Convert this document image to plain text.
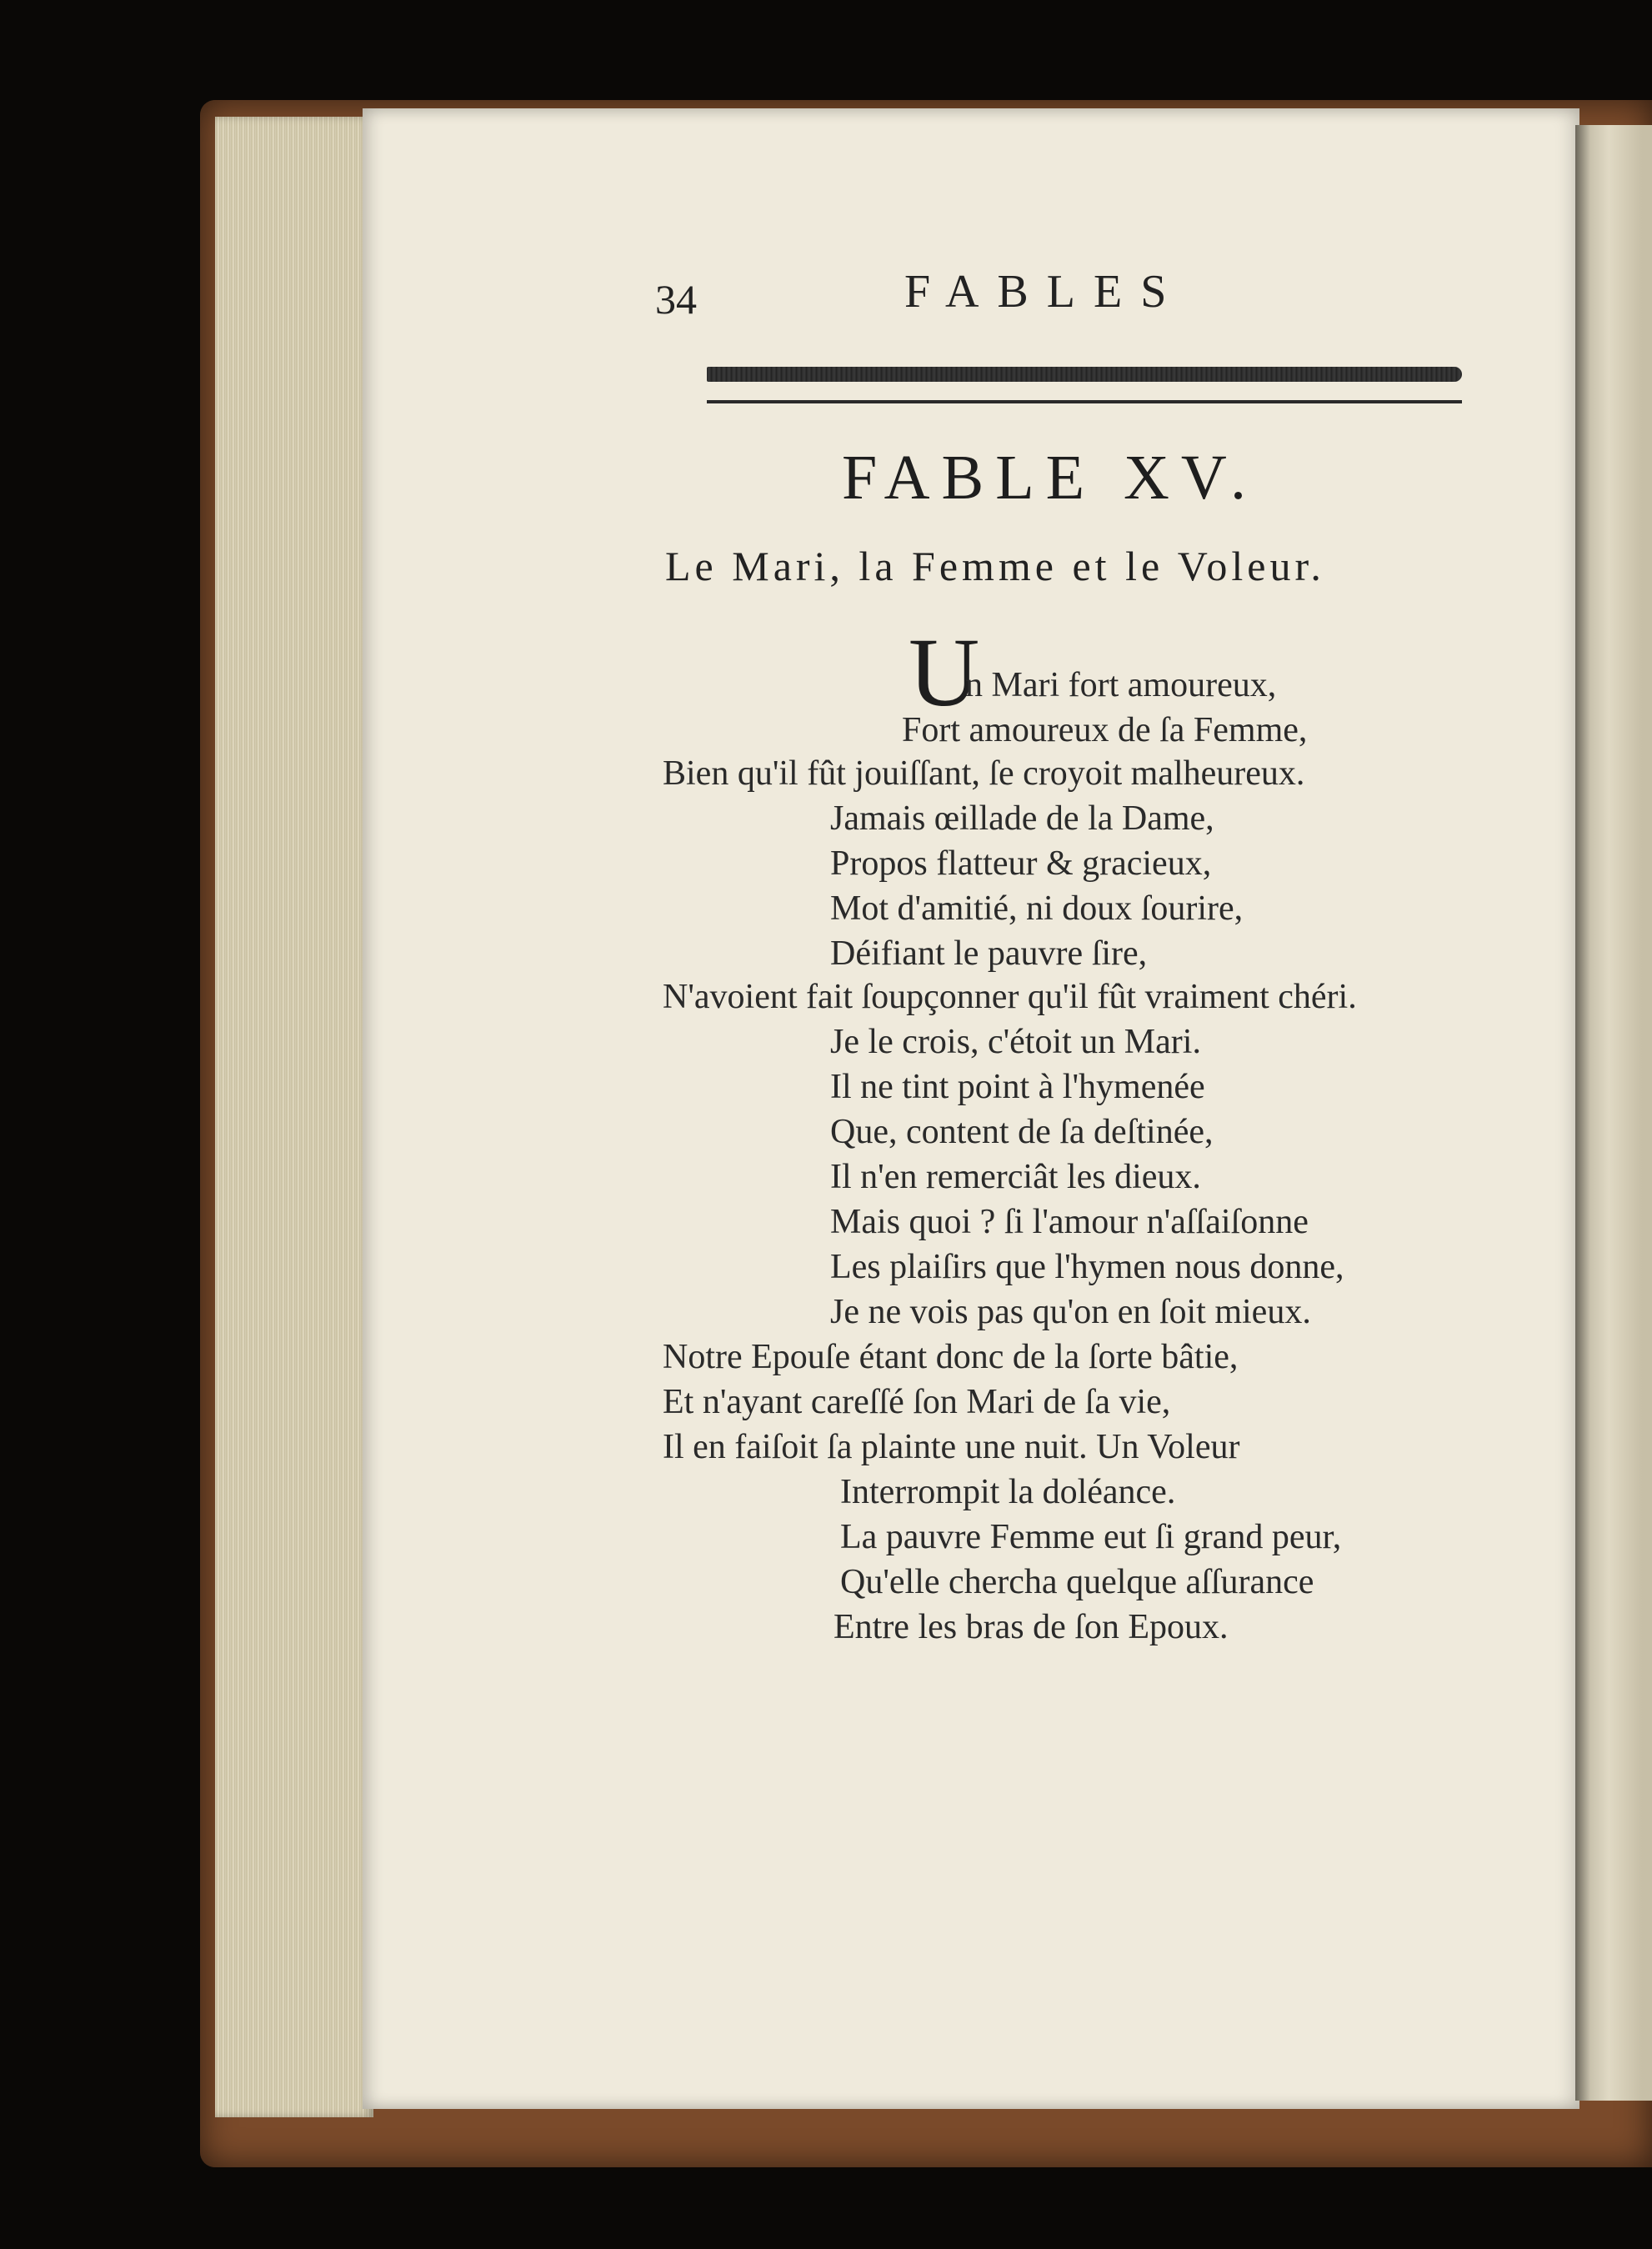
34	FABLES
FABLE XV.
Le Mari, la Femme et le Voleur.
U
n Mari fort amoureux,
Fort amoureux de ſa Femme,
Bien qu'il fût jouiſſant, ſe croyoit malheureux.
Jamais œillade de la Dame,
Propos flatteur & gracieux,
Mot d'amitié, ni doux ſourire,
Déifiant le pauvre ſire,
N'avoient fait ſoupçonner qu'il fût vraiment chéri.
Je le crois, c'étoit un Mari.
Il ne tint point à l'hymenée
Que, content de ſa deſtinée,
Il n'en remerciât les dieux.
Mais quoi ? ſi l'amour n'aſſaiſonne
Les plaiſirs que l'hymen nous donne,
Je ne vois pas qu'on en ſoit mieux.
Notre Epouſe étant donc de la ſorte bâtie,
Et n'ayant careſſé ſon Mari de ſa vie,
Il en faiſoit ſa plainte une nuit. Un Voleur
Interrompit la doléance.
La pauvre Femme eut ſi grand peur,
Qu'elle chercha quelque aſſurance
Entre les bras de ſon Epoux.
